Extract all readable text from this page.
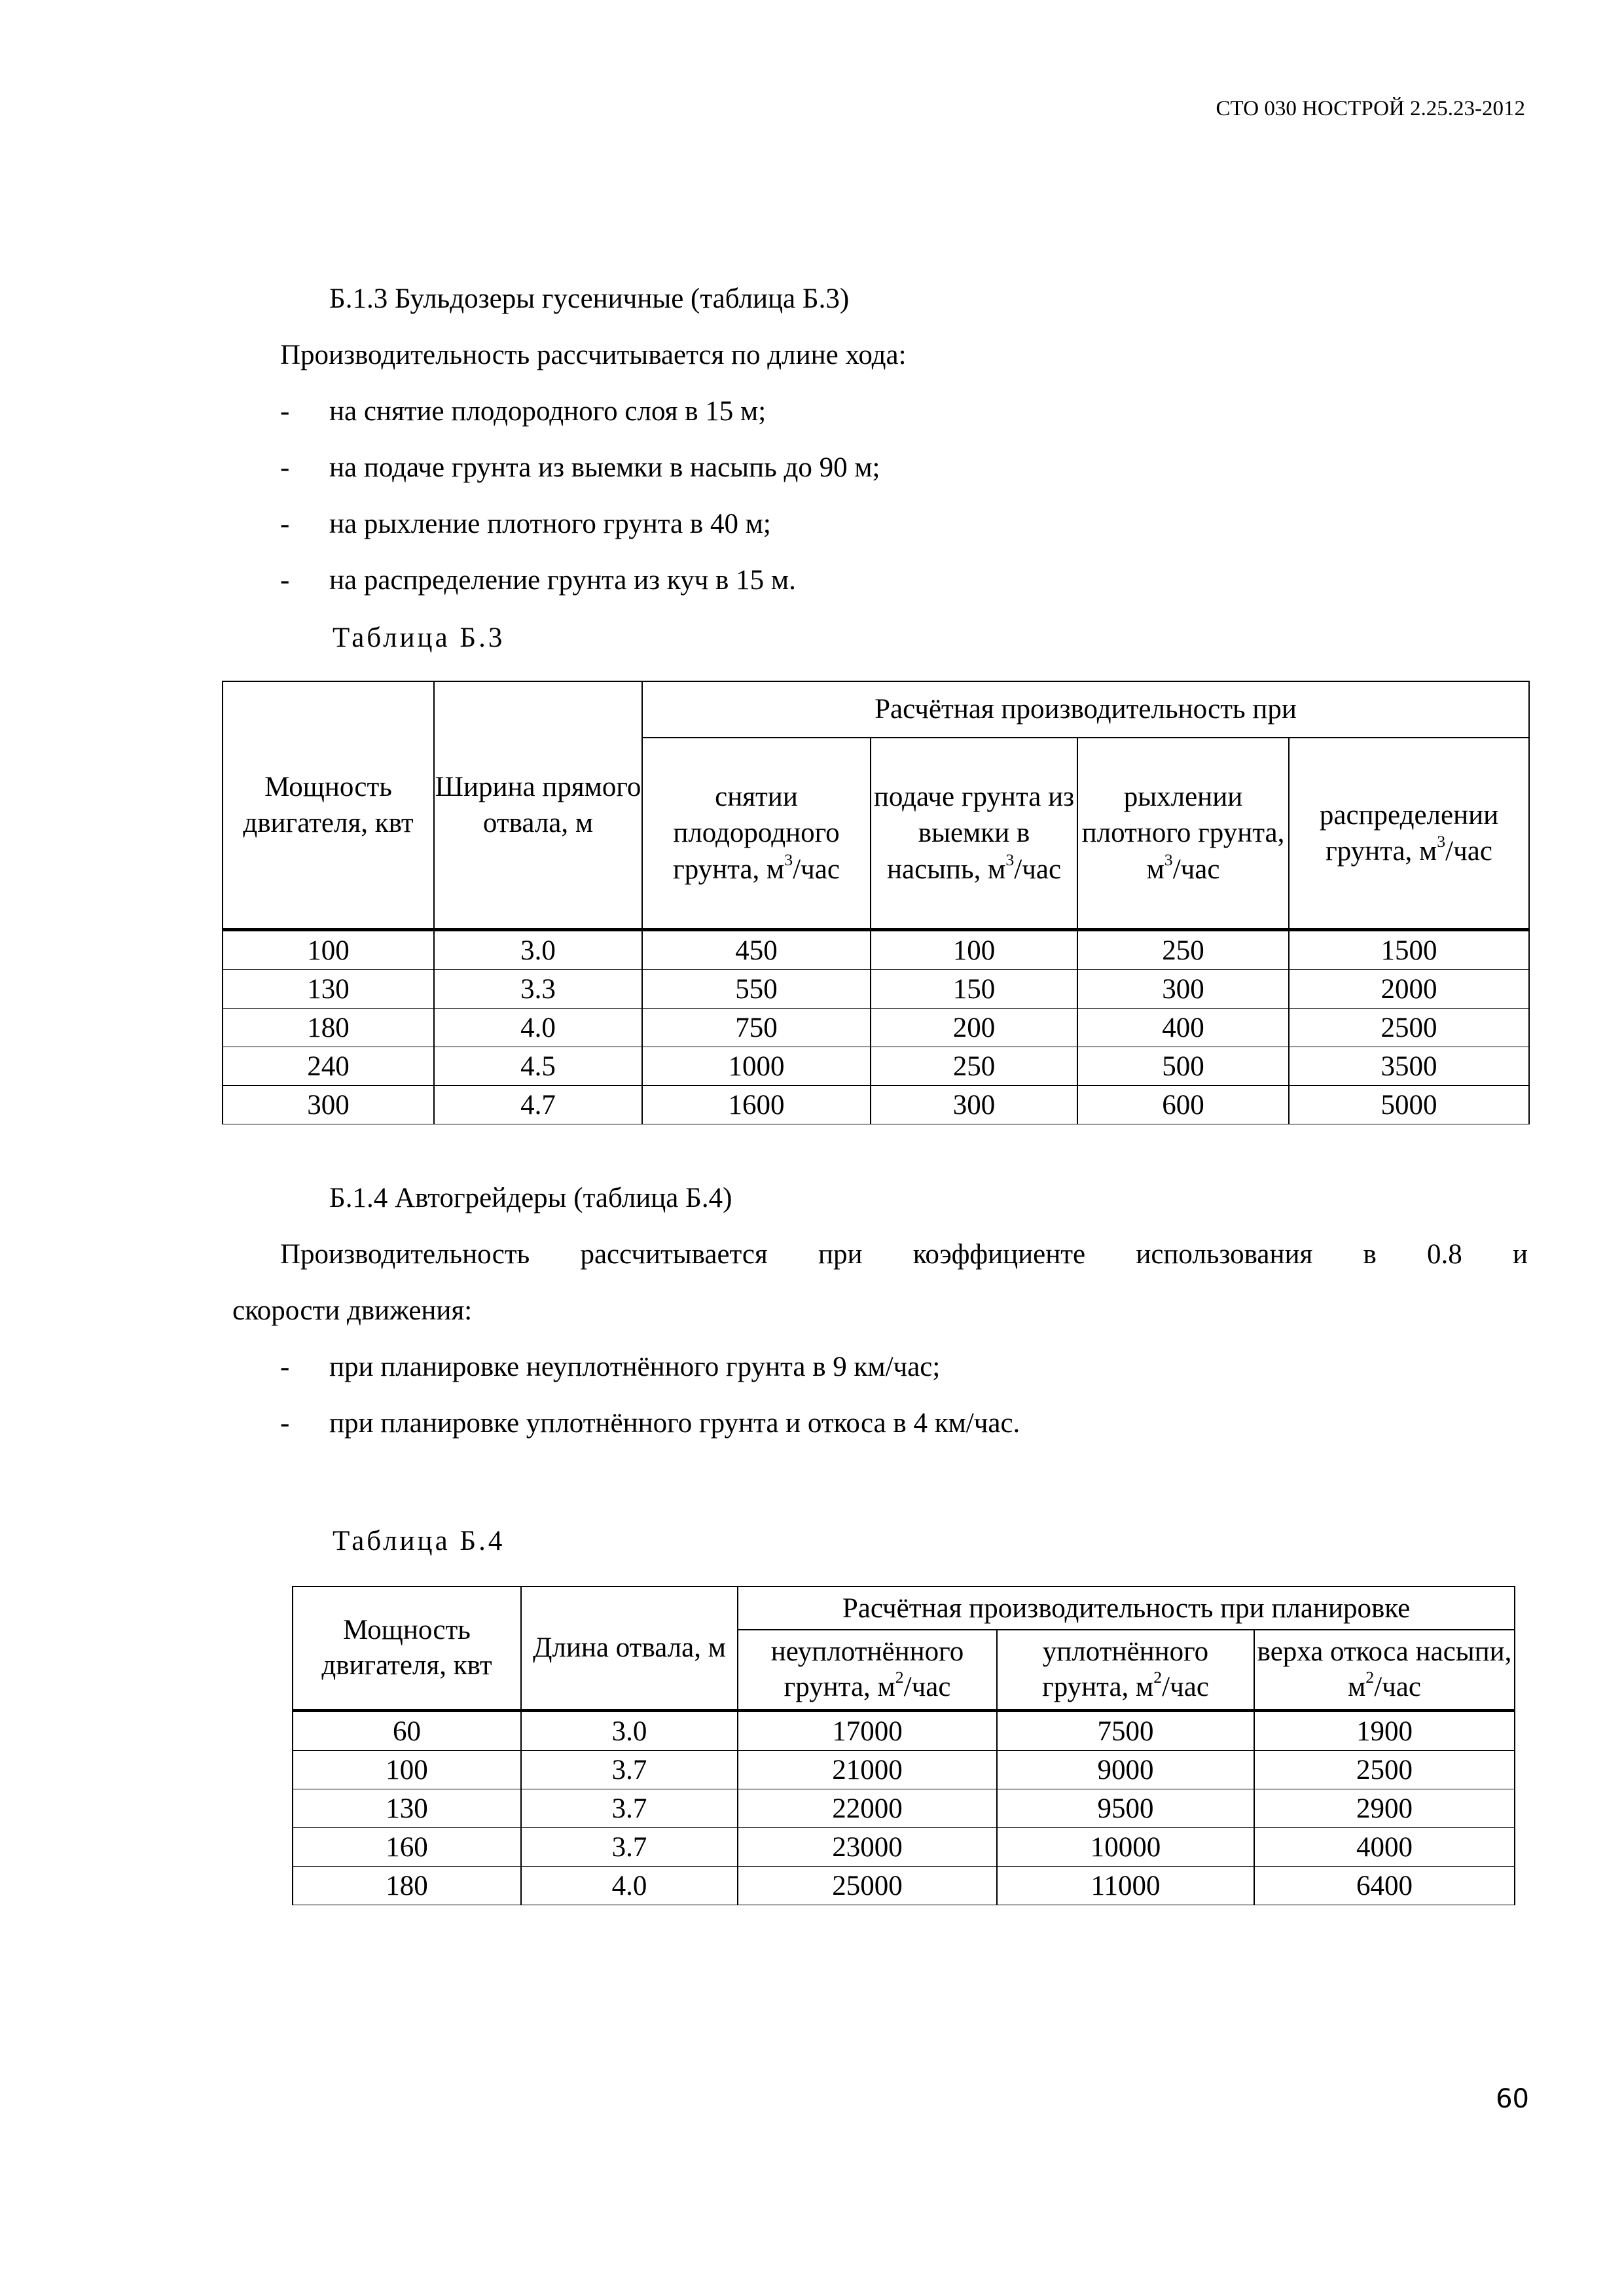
СТО 030 НОСТРОЙ 2.25.23-2012
Б.1.3 Бульдозеры гусеничные (таблица Б.3)
Производительность рассчитывается по длине хода:
- на снятие плодородного слоя в 15 м;
- на подаче грунта из выемки в насыпь до 90 м;
- на рыхление плотного грунта в 40 м;
- на распределение грунта из куч в 15 м.
Таблица Б.3
Мощность двигателя, квт	Ширина прямого отвала, м	Расчётная производительность при			
		снятии плодородного грунта, $м^3$/час	подаче грунта из выемки в насыпь, $м^3$/час	рыхлении плотного грунта, $м^3$/час	распределении грунта, $м^3$/час
100	3.0	450	100	250	1500
130	3.3	550	150	300	2000
180	4.0	750	200	400	2500
240	4.5	1000	250	500	3500
300	4.7	1600	300	600	5000
Б.1.4 Автогрейдеры (таблица Б.4)
Производительность рассчитывается при коэффициенте использования в 0.8 и
скорости движения:
- при планировке неуплотнённого грунта в 9 км/час;
- при планировке уплотнённого грунта и откоса в 4 км/час.
Таблица Б.4
Мощность двигателя, квт	Длина отвала, м	Расчётная производительность при планировке		
		неуплотнённого грунта, $м^2$/час	уплотнённого грунта, $м^2$/час	верха откоса насыпи, $м^2$/час
60	3.0	17000	7500	1900
100	3.7	21000	9000	2500
130	3.7	22000	9500	2900
160	3.7	23000	10000	4000
180	4.0	25000	11000	6400
60
